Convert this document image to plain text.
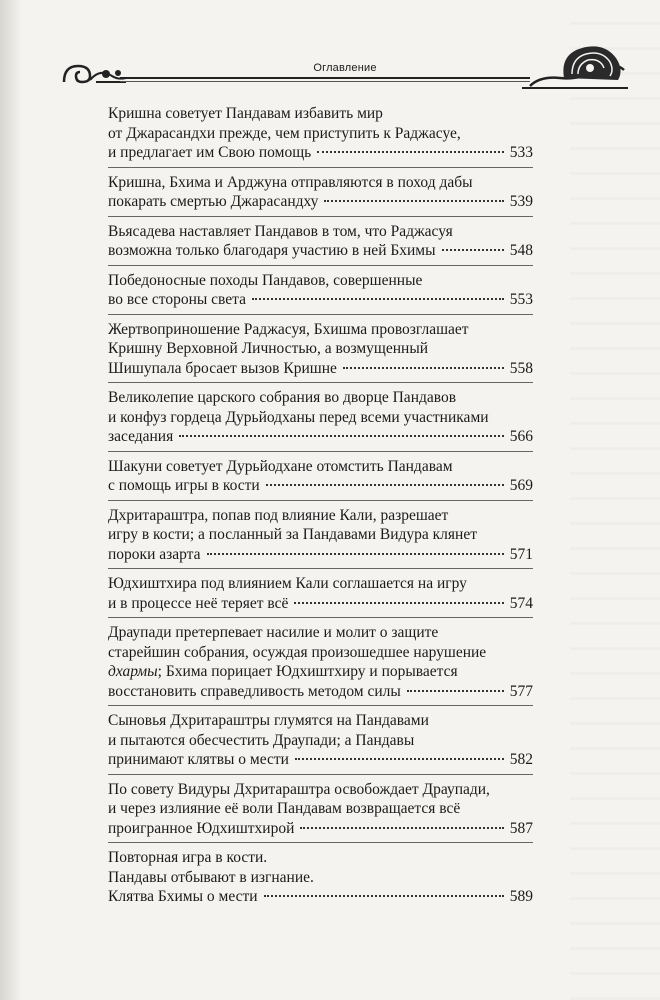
Оглавление
Кришна советует Пандавам избавить мир
от Джарасандхи прежде, чем приступить к Раджасуе,
и предлагает им Свою помощь	533
Кришна, Бхима и Арджуна отправляются в поход дабы
покарать смертью Джарасандху	539
Вьясадева наставляет Пандавов в том, что Раджасуя
возможна только благодаря участию в ней Бхимы	548
Победоносные походы Пандавов, совершенные
во все стороны света	553
Жертвоприношение Раджасуя, Бхишма провозглашает
Кришну Верховной Личностью, а возмущенный
Шишупала бросает вызов Кришне	558
Великолепие царского собрания во дворце Пандавов
и конфуз гордеца Дурьйодханы перед всеми участниками
заседания	566
Шакуни советует Дурьйодхане отомстить Пандавам
с помощь игры в кости	569
Дхритараштра, попав под влияние Кали, разрешает
игру в кости; а посланный за Пандавами Видура клянет
пороки азарта	571
Юдхиштхира под влиянием Кали соглашается на игру
и в процессе неё теряет всё	574
Драупади претерпевает насилие и молит о защите
старейшин собрания, осуждая произошедшее нарушение
дхармы; Бхима порицает Юдхиштхиру и порывается
восстановить справедливость методом силы	577
Сыновья Дхритараштры глумятся на Пандавами
и пытаются обесчестить Драупади; а Пандавы
принимают клятвы о мести	582
По совету Видуры Дхритараштра освобождает Драупади,
и через излияние её воли Пандавам возвращается всё
проигранное Юдхиштхирой	587
Повторная игра в кости.
Пандавы отбывают в изгнание.
Клятва Бхимы о мести	589
